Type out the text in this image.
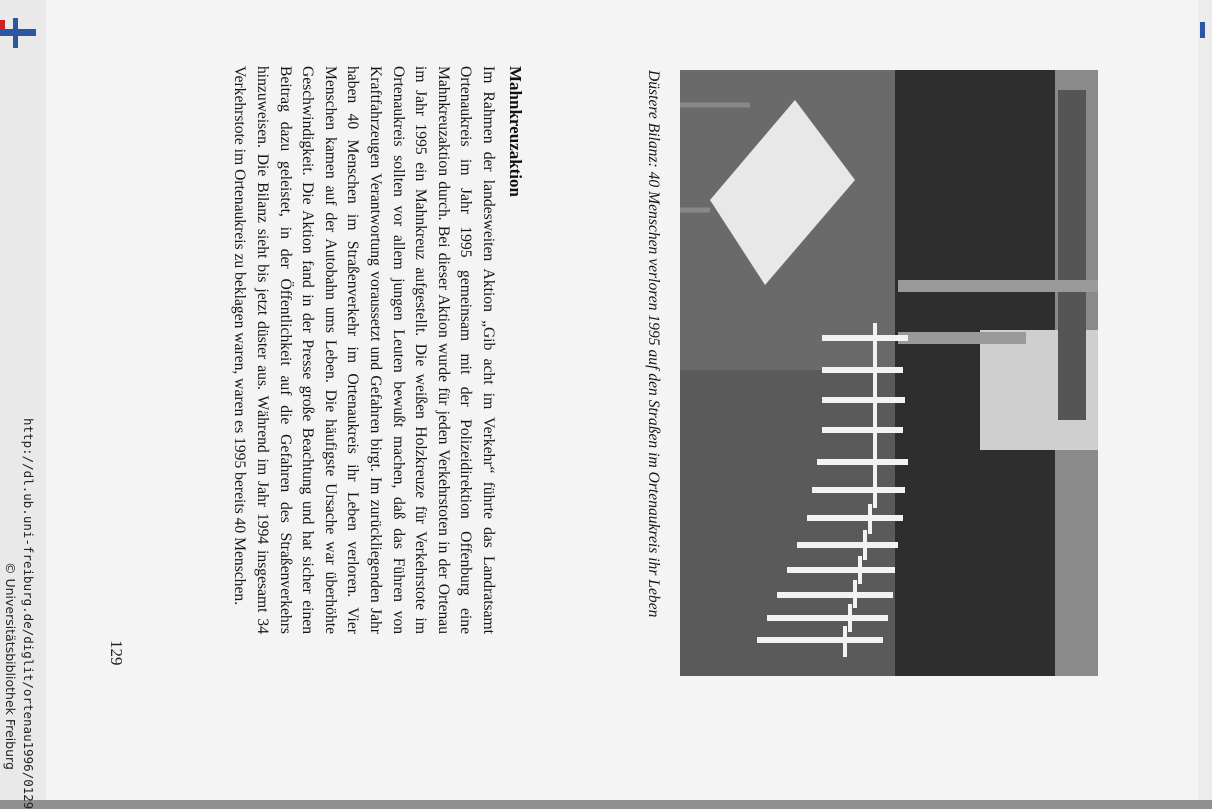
Düstere Bilanz: 40 Menschen verloren 1995 auf den Straßen im Ortenaukreis ihr Leben

Mahnkreuzaktion

Im Rahmen der landesweiten Aktion „Gib acht im Verkehr“ führte das Landratsamt Ortenaukreis im Jahr 1995 gemeinsam mit der Polizeidirektion Offenburg eine Mahnkreuzaktion durch. Bei dieser Aktion wurde für jeden Verkehrstoten in der Ortenau im Jahr 1995 ein Mahnkreuz aufgestellt. Die weißen Holzkreuze für Verkehrstote im Ortenaukreis sollten vor allem jungen Leuten bewußt machen, daß das Führen von Kraftfahrzeugen Verantwortung voraussetzt und Gefahren birgt. Im zurückliegenden Jahr haben 40 Menschen im Straßenverkehr im Ortenaukreis ihr Leben verloren. Vier Menschen kamen auf der Autobahn ums Leben. Die häufigste Ursache war überhöhte Geschwindigkeit. Die Aktion fand in der Presse große Beachtung und hat sicher einen Beitrag dazu geleistet, in der Öffentlichkeit auf die Gefahren des Straßenverkehrs hinzuweisen. Die Bilanz sieht bis jetzt düster aus. Während im Jahr 1994 insgesamt 34 Verkehrstote im Ortenaukreis zu beklagen waren, waren es 1995 bereits 40 Menschen.

129
http://dl.ub.uni-freiburg.de/diglit/ortenau1996/0129
© Universitätsbibliothek Freiburg
